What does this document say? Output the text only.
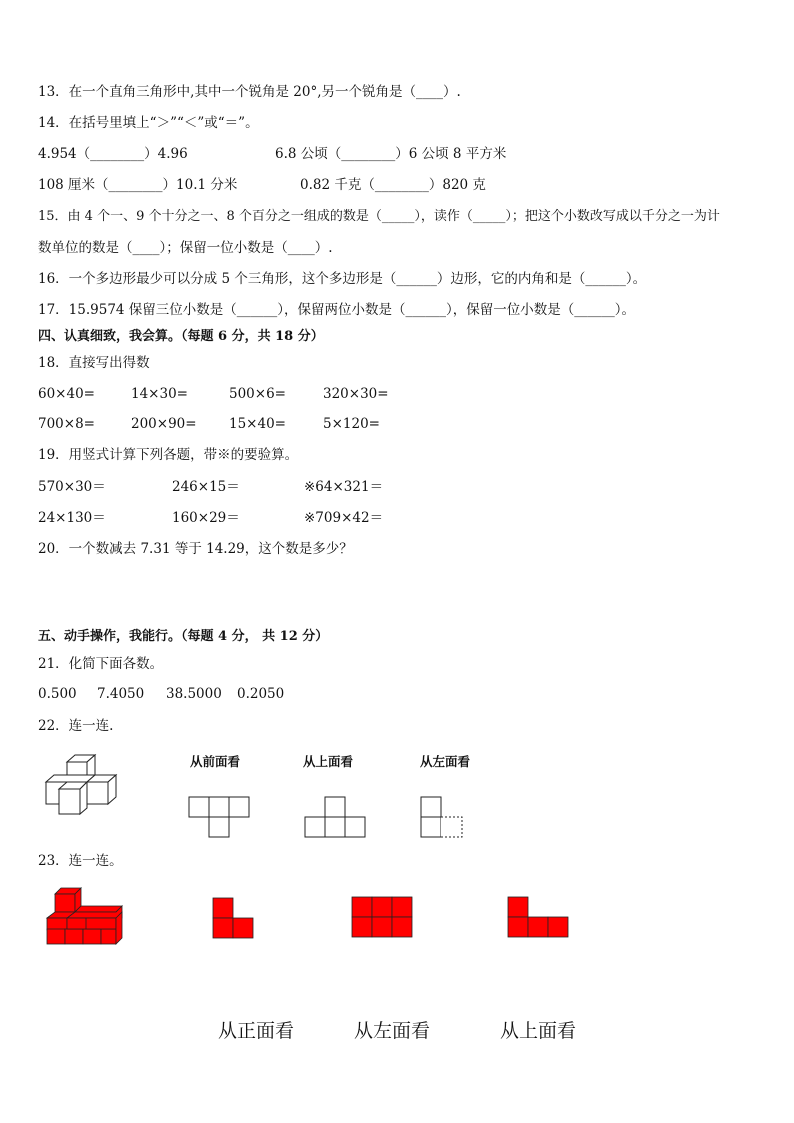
13．在一个直角三角形中,其中一个锐角是 20°,另一个锐角是（____）.
14．在括号里填上“＞”“＜”或“＝”。
4.954（________）4.96	6.8 公顷（________）6 公顷 8 平方米
108 厘米（________）10.1 分米	0.82 千克（________）820 克
15．由 4 个一、9 个十分之一、8 个百分之一组成的数是（_____），读作（_____）；把这个小数改写成以千分之一为计
数单位的数是（____）；保留一位小数是（____）.
16．一个多边形最少可以分成 5 个三角形，这个多边形是（______）边形，它的内角和是（______）。
17．15.9574 保留三位小数是（______），保留两位小数是（______），保留一位小数是（______）。
四、认真细致，我会算。（每题 6 分，共 18 分）
18．直接写出得数
60×40=	14×30=	500×6=	320×30=
700×8=	200×90= 15×40=	5×120=
19．用竖式计算下列各题，带※的要验算。
570×30＝	246×15＝	※64×321＝
24×130＝	160×29＝	※709×42＝
20．一个数减去 7.31 等于 14.29，这个数是多少？
五、动手操作，我能行。（每题 4 分， 共 12 分）
21．化简下面各数。
0.500 7.4050 38.5000 0.2050
22．连一连.
从前面看	从上面看	从左面看
23．连一连。
从正面看	从左面看	从上面看
